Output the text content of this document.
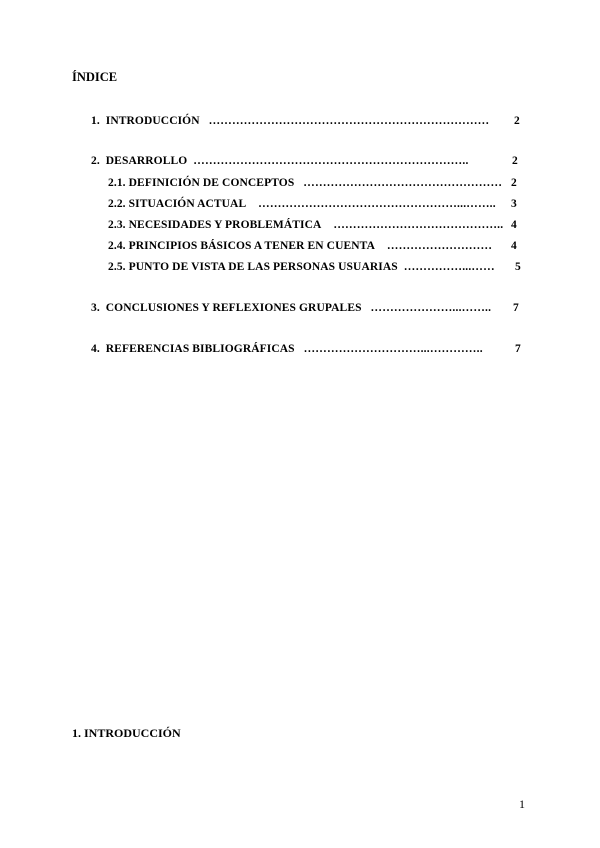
ÍNDICE
1. INTRODUCCIÓN ……………………………………………………………… 2
2. DESARROLLO ……………………………………………………………..	2
2.1. DEFINICIÓN DE CONCEPTOS …………………………………………… 2
2.2. SITUACIÓN ACTUAL ……………………………………………...…….. 3
2.3. NECESIDADES Y PROBLEMÁTICA …………………………………….. 4
2.4. PRINCIPIOS BÁSICOS A TENER EN CUENTA ……………………… 4
2.5. PUNTO DE VISTA DE LAS PERSONAS USUARIAS ……………...…… 5
3. CONCLUSIONES Y REFLEXIONES GRUPALES …………………...…….. 7
4. REFERENCIAS BIBLIOGRÁFICAS …………………………...…………..	7
1. INTRODUCCIÓN
1
